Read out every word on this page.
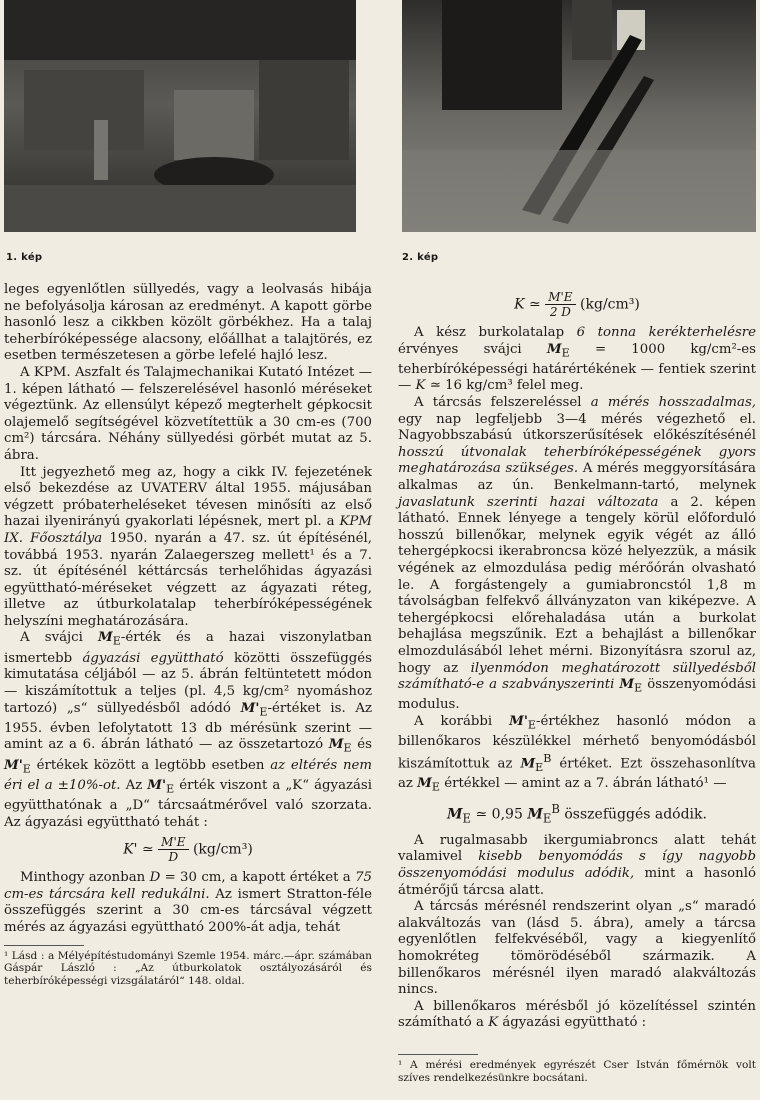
1. kép	2. kép

leges egyenlőtlen süllyedés, vagy a leolvasás hibája ne befolyásolja károsan az eredményt. A kapott görbe hasonló lesz a cikkben közölt görbékhez. Ha a talaj teherbíróképessége alacsony, előállhat a talajtörés, ez esetben természetesen a görbe lefelé hajló lesz.

A KPM. Aszfalt és Talajmechanikai Kutató Intézet — 1. képen látható — felszerelésével hasonló méréseket végeztünk. Az ellensúlyt képező megterhelt gépkocsit olajemelő segítségével közvetítettük a 30 cm-es (700 cm²) tárcsára. Néhány süllyedési görbét mutat az 5. ábra.

Itt jegyezhető meg az, hogy a cikk IV. fejezetének első bekezdése az UVATERV által 1955. májusában végzett próbaterheléseket tévesen minősíti az első hazai ilyenirányú gyakorlati lépésnek, mert pl. a KPM IX. Főosztálya 1950. nyarán a 47. sz. út építésénél, továbbá 1953. nyarán Zalaegerszeg mellett¹ és a 7. sz. út építésénél kéttárcsás terhelőhidas ágyazási együttható-méréseket végzett az ágyazati réteg, illetve az útburkolatalap teherbíróképességének helyszíni meghatározására.

A svájci $M_E$-érték és a hazai viszonylatban ismertebb ágyazási együttható közötti összefüggés kimutatása céljából — az 5. ábrán feltüntetett módon — kiszámítottuk a teljes (pl. 4,5 kg/cm² nyomáshoz tartozó) „s“ süllyedésből adódó $M'_E$-értéket is. Az 1955. évben lefolytatott 13 db mérésünk szerint — amint az a 6. ábrán látható — az összetartozó $M_E$ és $M'_E$ értékek között a legtöbb esetben az eltérés nem éri el a ±10%-ot. Az $M'_E$ érték viszont a „K“ ágyazási együtthatónak a „D“ tárcsaátmérővel való szorzata. Az ágyazási együttható tehát :

K' ≃ $\frac{M'E}{D} (kg/cm^3)$

Minthogy azonban D = 30 cm, a kapott értéket a 75 cm-es tárcsára kell redukálni. Az ismert Stratton-féle összefüggés szerint a 30 cm-es tárcsával végzett mérés az ágyazási együttható 200%-át adja, tehát

¹ Lásd : a Mélyépítéstudományi Szemle 1954. márc.—ápr. számában Gáspár László : „Az útburkolatok osztályozásáról és teherbíróképességi vizsgálatáról“ 148. oldal.

K ≃ $\frac{M'E}{2 D} (kg/cm^3)$

A kész burkolatalap 6 tonna kerékterhelésre érvényes svájci $M_E = 1000$ kg/cm²-es teherbíróképességi határértékének — fentiek szerint — K ≃ 16 kg/cm³ felel meg.

A tárcsás felszereléssel a mérés hosszadalmas, egy nap legfeljebb 3—4 mérés végezhető el. Nagyobbszabású útkorszerűsítések előkészítésénél hosszú útvonalak teherbíróképességének gyors meghatározása szükséges. A mérés meggyorsítására alkalmas az ún. Benkelmann-tartó, melynek javaslatunk szerinti hazai változata a 2. képen látható. Ennek lényege a tengely körül előforduló hosszú billenőkar, melynek egyik végét az álló tehergépkocsi ikerabroncsa közé helyezzük, a másik végének az elmozdulása pedig mérőórán olvasható le. A forgástengely a gumiabroncstól 1,8 m távolságban felfekvő állványzaton van kiképezve. A tehergépkocsi előrehaladása után a burkolat behajlása megszűnik. Ezt a behajlást a billenőkar elmozdulásából lehet mérni. Bizonyításra szorul az, hogy az ilyenmódon meghatározott süllyedésből számítható-e a szabványszerinti $M_E$ összenyomódási modulus.

A korábbi $M'_E$-értékhez hasonló módon a billenőkaros készülékkel mérhető benyomódásból kiszámítottuk az $M_E^B$ értéket. Ezt összehasonlítva az $M_E$ értékkel — amint az a 7. ábrán látható¹ —

$M_E$ ≃ 0,95 $M_E^B$ összefüggés adódik.

A rugalmasabb ikergumiabroncs alatt tehát valamivel kisebb benyomódás s így nagyobb összenyomódási modulus adódik, mint a hasonló átmérőjű tárcsa alatt.

A tárcsás mérésnél rendszerint olyan „s“ maradó alakváltozás van (lásd 5. ábra), amely a tárcsa egyenlőtlen felfekvéséből, vagy a kiegyenlítő homokréteg tömörödéséből származik. A billenőkaros mérésnél ilyen maradó alakváltozás nincs.

A billenőkaros mérésből jó közelítéssel szintén számítható a K ágyazási együttható :

¹ A mérési eredmények egyrészét Cser István főmérnök volt szíves rendelkezésünkre bocsátani.
